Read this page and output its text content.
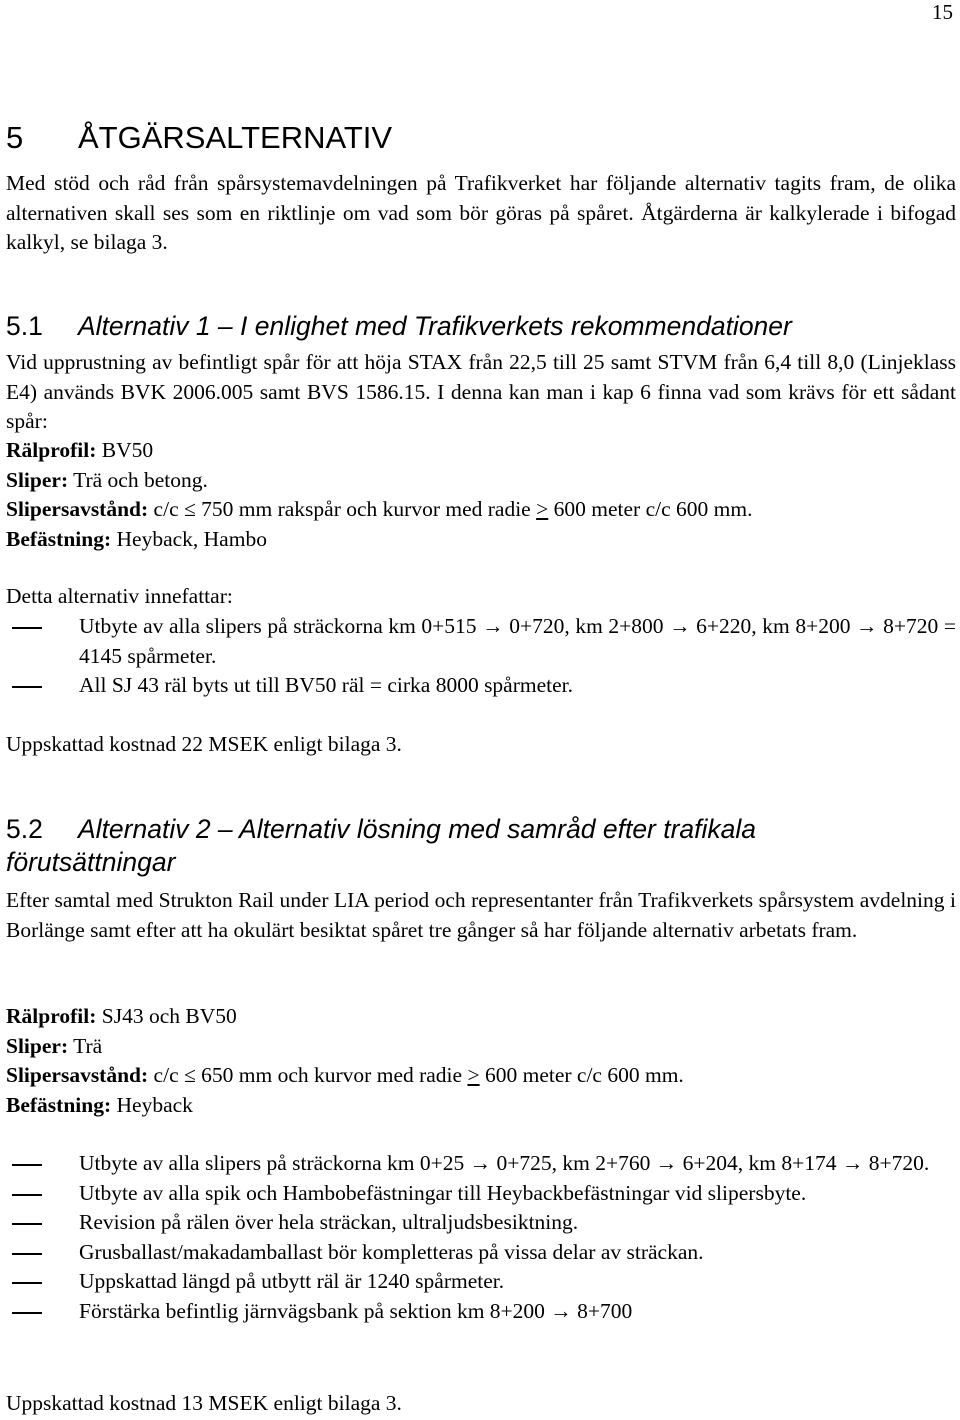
15
5 ÅTGÄRSALTERNATIV
Med stöd och råd från spårsystemavdelningen på Trafikverket har följande alternativ tagits fram, de olika alternativen skall ses som en riktlinje om vad som bör göras på spåret. Åtgärderna är kalkylerade i bifogad kalkyl, se bilaga 3.
5.1 Alternativ 1 – I enlighet med Trafikverkets rekommendationer
Vid upprustning av befintligt spår för att höja STAX från 22,5 till 25 samt STVM från 6,4 till 8,0 (Linjeklass E4) används BVK 2006.005 samt BVS 1586.15. I denna kan man i kap 6 finna vad som krävs för ett sådant spår:
Rälprofil: BV50
Sliper: Trä och betong.
Slipersavstånd: c/c ≤ 750 mm rakspår och kurvor med radie ≥ 600 meter c/c 600 mm.
Befästning: Heyback, Hambo
Detta alternativ innefattar:
Utbyte av alla slipers på sträckorna km 0+515 → 0+720, km 2+800 → 6+220, km 8+200 → 8+720 = 4145 spårmeter.
All SJ 43 räl byts ut till BV50 räl = cirka 8000 spårmeter.
Uppskattad kostnad 22 MSEK enligt bilaga 3.
5.2 Alternativ 2 – Alternativ lösning med samråd efter trafikala
förutsättningar
Efter samtal med Strukton Rail under LIA period och representanter från Trafikverkets spårsystem avdelning i Borlänge samt efter att ha okulärt besiktat spåret tre gånger så har följande alternativ arbetats fram.
Rälprofil: SJ43 och BV50
Sliper: Trä
Slipersavstånd: c/c ≤ 650 mm och kurvor med radie ≥ 600 meter c/c 600 mm.
Befästning: Heyback
Utbyte av alla slipers på sträckorna km 0+25 → 0+725, km 2+760 → 6+204, km 8+174 → 8+720.
Utbyte av alla spik och Hambobefästningar till Heybackbefästningar vid slipersbyte.
Revision på rälen över hela sträckan, ultraljudsbesiktning.
Grusballast/makadamballast bör kompletteras på vissa delar av sträckan.
Uppskattad längd på utbytt räl är 1240 spårmeter.
Förstärka befintlig järnvägsbank på sektion km 8+200 → 8+700
Uppskattad kostnad 13 MSEK enligt bilaga 3.
